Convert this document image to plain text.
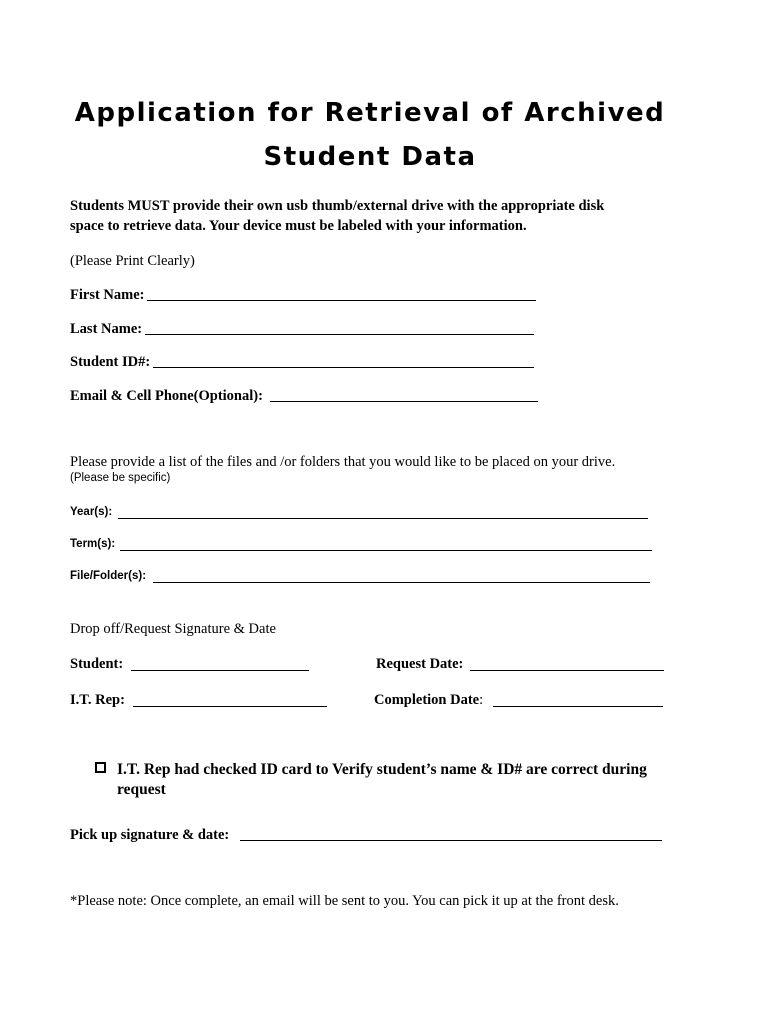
Application for Retrieval of Archived
Student Data
Students MUST provide their own usb thumb/external drive with the appropriate disk
space to retrieve data. Your device must be labeled with your information.
(Please Print Clearly)
First Name:
Last Name:
Student ID#:
Email & Cell Phone(Optional):
Please provide a list of the files and /or folders that you would like to be placed on your drive.
(Please be specific)
Year(s):
Term(s):
File/Folder(s):
Drop off/Request Signature & Date
Student:	Request Date:
I.T. Rep:	Completion Date:
I.T. Rep had checked ID card to Verify student’s name & ID# are correct during request
Pick up signature & date:
*Please note: Once complete, an email will be sent to you. You can pick it up at the front desk.
